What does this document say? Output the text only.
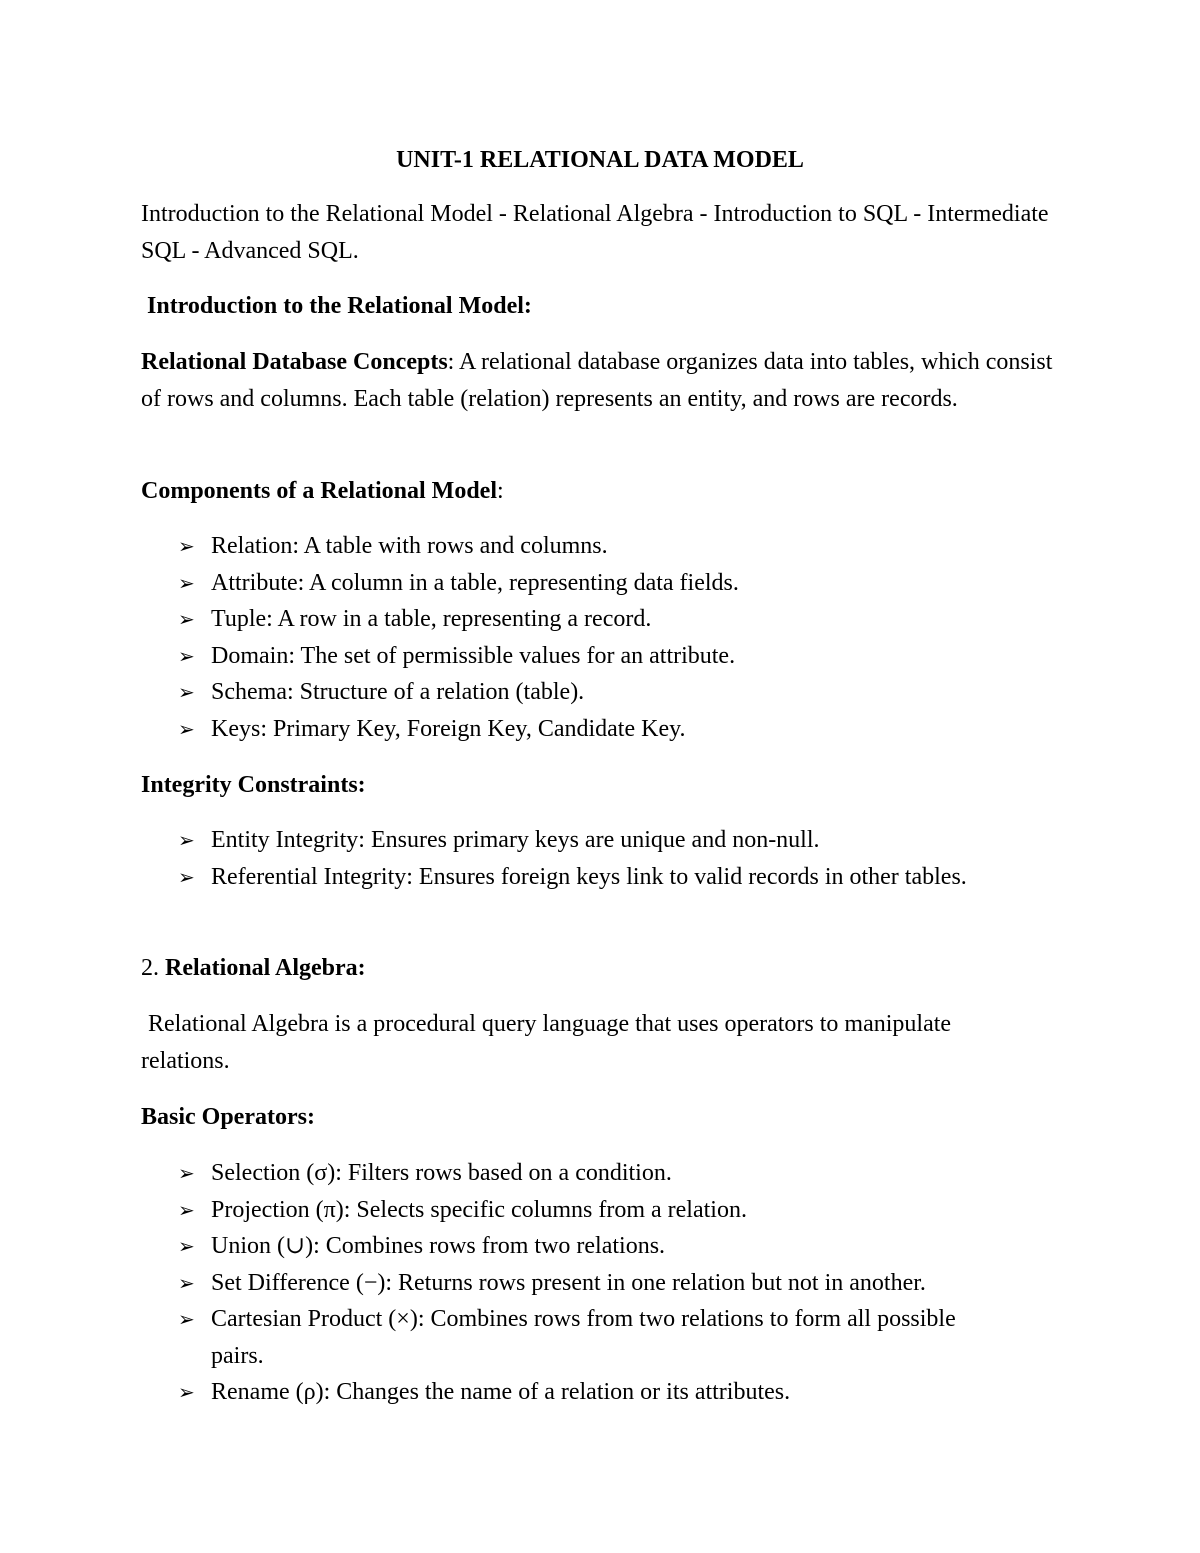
UNIT-1 RELATIONAL DATA MODEL
Introduction to the Relational Model - Relational Algebra - Introduction to SQL - Intermediate SQL - Advanced SQL.
Introduction to the Relational Model:
Relational Database Concepts: A relational database organizes data into tables, which consist of rows and columns. Each table (relation) represents an entity, and rows are records.
Components of a Relational Model:
➢ Relation: A table with rows and columns.
➢ Attribute: A column in a table, representing data fields.
➢ Tuple: A row in a table, representing a record.
➢ Domain: The set of permissible values for an attribute.
➢ Schema: Structure of a relation (table).
➢ Keys: Primary Key, Foreign Key, Candidate Key.
Integrity Constraints:
➢ Entity Integrity: Ensures primary keys are unique and non-null.
➢ Referential Integrity: Ensures foreign keys link to valid records in other tables.
2. Relational Algebra:
Relational Algebra is a procedural query language that uses operators to manipulate relations.
Basic Operators:
➢ Selection (σ): Filters rows based on a condition.
➢ Projection (π): Selects specific columns from a relation.
➢ Union (∪): Combines rows from two relations.
➢ Set Difference (−): Returns rows present in one relation but not in another.
➢ Cartesian Product (×): Combines rows from two relations to form all possible pairs.
➢ Rename (ρ): Changes the name of a relation or its attributes.
